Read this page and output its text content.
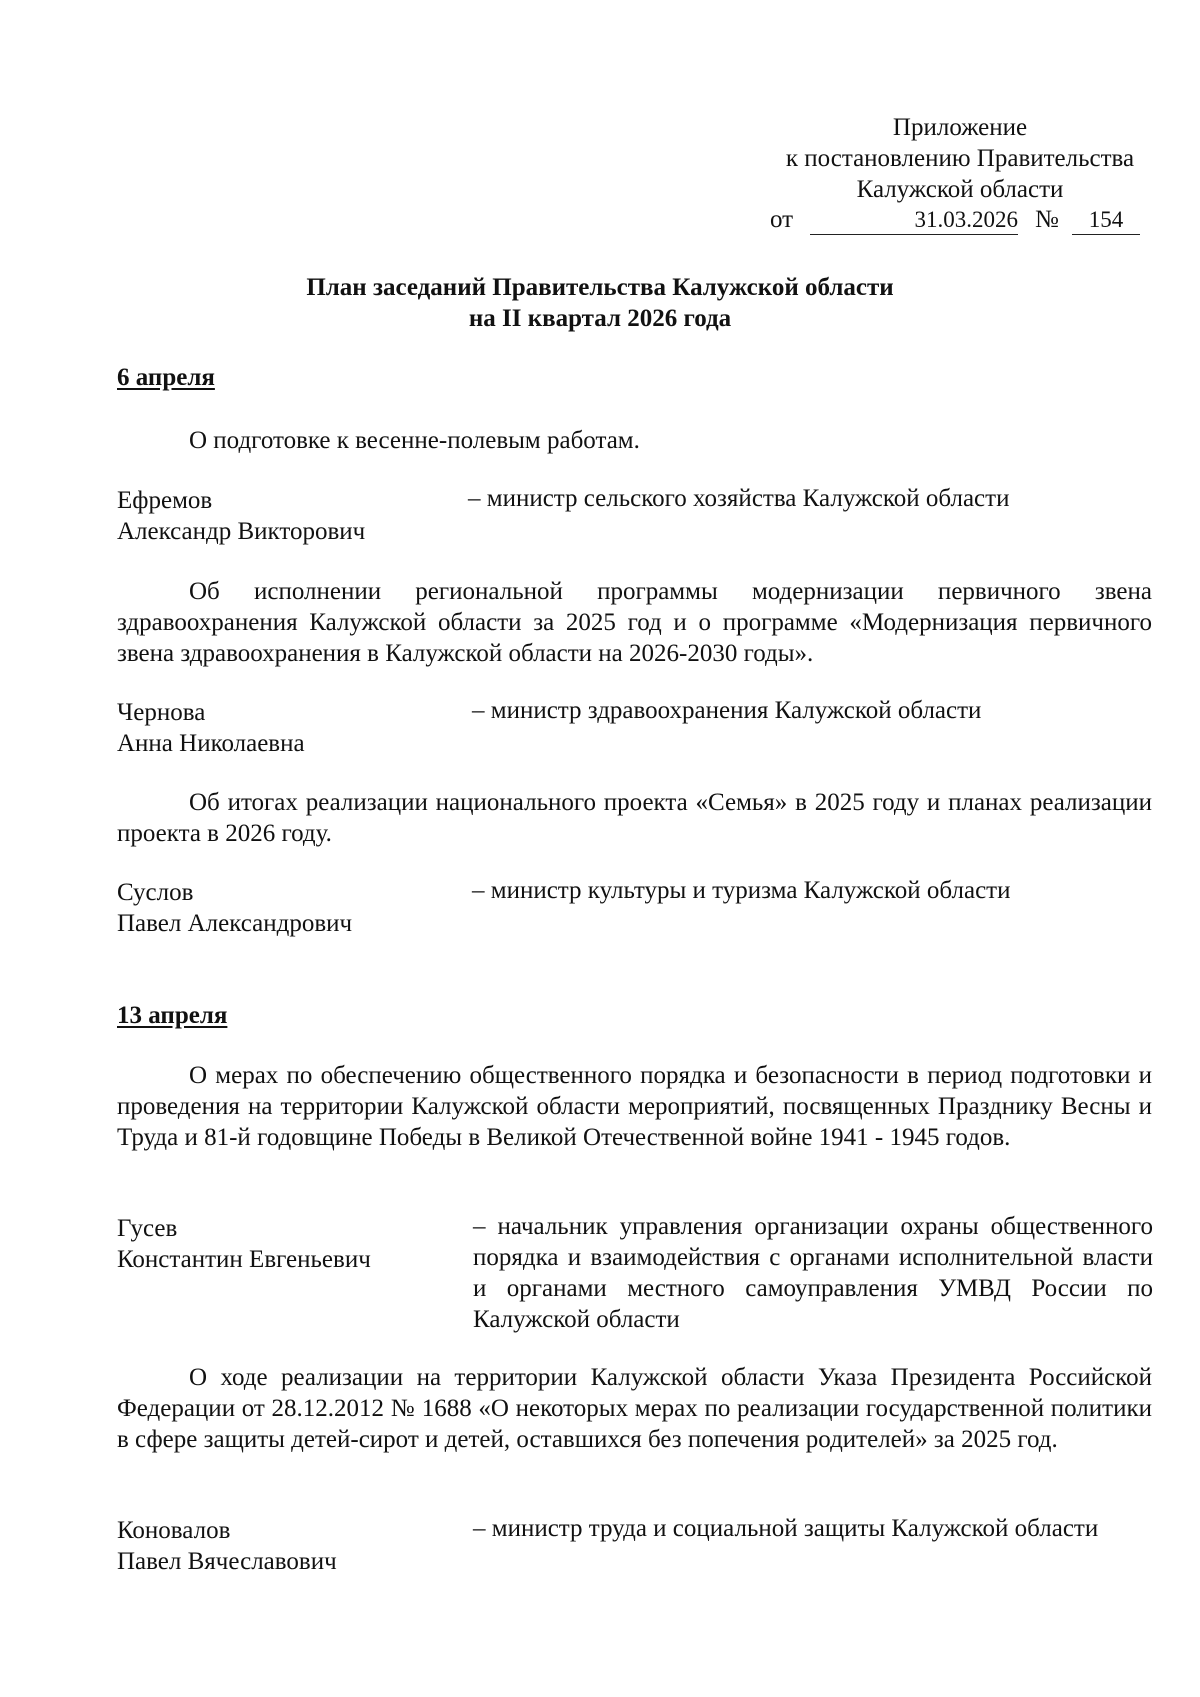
Приложение
к постановлению Правительства
Калужской области
от	31.03.2026 №	154
План заседаний Правительства Калужской области
на II квартал 2026 года
6 апреля
О подготовке к весенне-полевым работам.
Ефремов
Александр Викторович
– министр сельского хозяйства Калужской области
Об исполнении региональной программы модернизации первичного звена здравоохранения Калужской области за 2025 год и о программе «Модернизация первичного звена здравоохранения в Калужской области на 2026-2030 годы».
Чернова
Анна Николаевна
– министр здравоохранения Калужской области
Об итогах реализации национального проекта «Семья» в 2025 году и планах реализации проекта в 2026 году.
Суслов
Павел Александрович
– министр культуры и туризма Калужской области
13 апреля
О мерах по обеспечению общественного порядка и безопасности в период подготовки и проведения на территории Калужской области мероприятий, посвященных Празднику Весны и Труда и 81-й годовщине Победы в Великой Отечественной войне 1941 - 1945 годов.
Гусев
Константин Евгеньевич
– начальник управления организации охраны общественного порядка и взаимодействия с органами исполнительной власти и органами местного самоуправления УМВД России по Калужской области
О ходе реализации на территории Калужской области Указа Президента Российской Федерации от 28.12.2012 № 1688 «О некоторых мерах по реализации государственной политики в сфере защиты детей-сирот и детей, оставшихся без попечения родителей» за 2025 год.
Коновалов
Павел Вячеславович
– министр труда и социальной защиты Калужской области
